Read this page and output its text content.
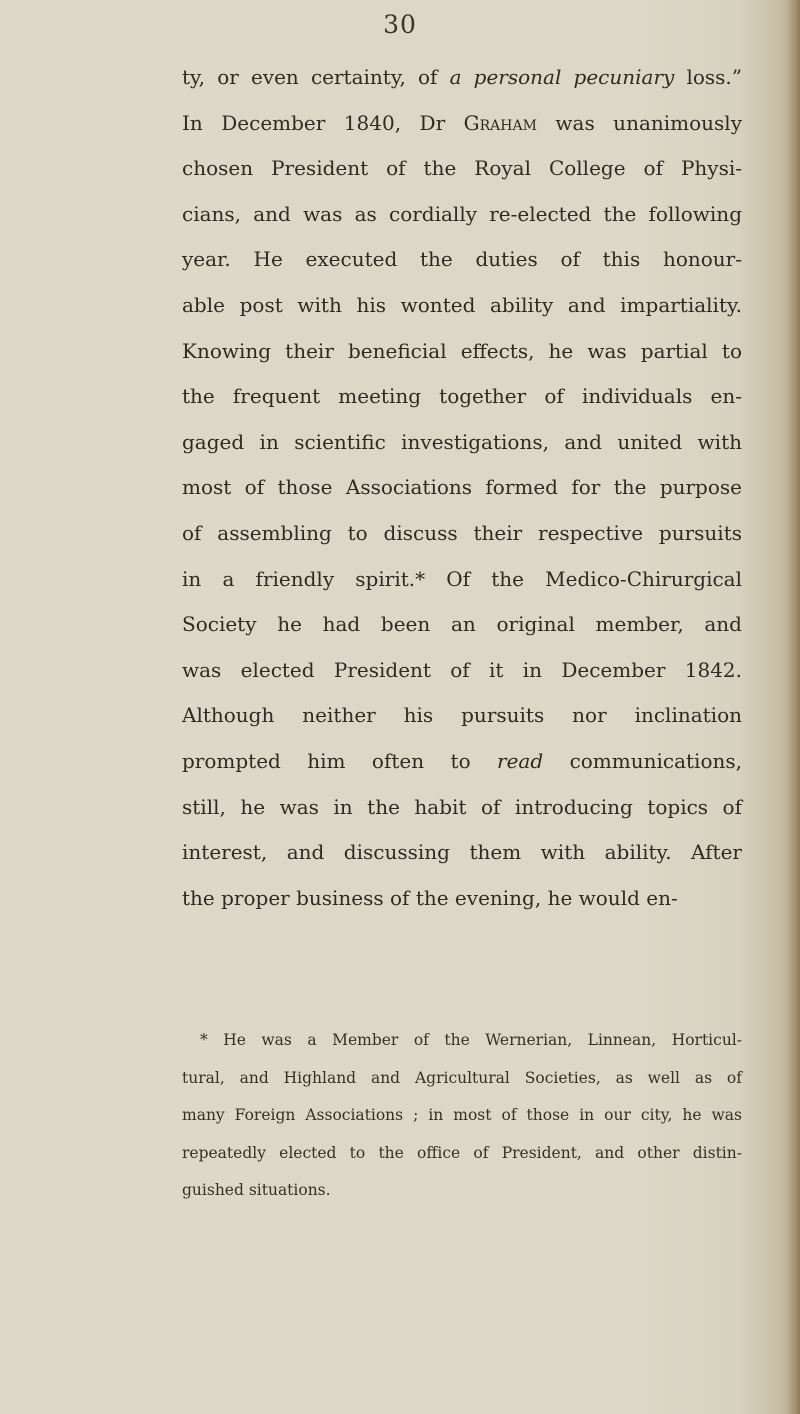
30
ty, or even certainty, of a personal pecuniary loss.”
In December 1840, Dr Graham was unanimously
chosen President of the Royal College of Physi-
cians, and was as cordially re-elected the following
year. He executed the duties of this honour-
able post with his wonted ability and impartiality.
Knowing their beneficial effects, he was partial to
the frequent meeting together of individuals en-
gaged in scientific investigations, and united with
most of those Associations formed for the purpose
of assembling to discuss their respective pursuits
in a friendly spirit.* Of the Medico-Chirurgical
Society he had been an original member, and
was elected President of it in December 1842.
Although neither his pursuits nor inclination
prompted him often to read communications,
still, he was in the habit of introducing topics of
interest, and discussing them with ability. After
the proper business of the evening, he would en-
* He was a Member of the Wernerian, Linnean, Horticul-
tural, and Highland and Agricultural Societies, as well as of
many Foreign Associations ; in most of those in our city, he was
repeatedly elected to the office of President, and other distin-
guished situations.
